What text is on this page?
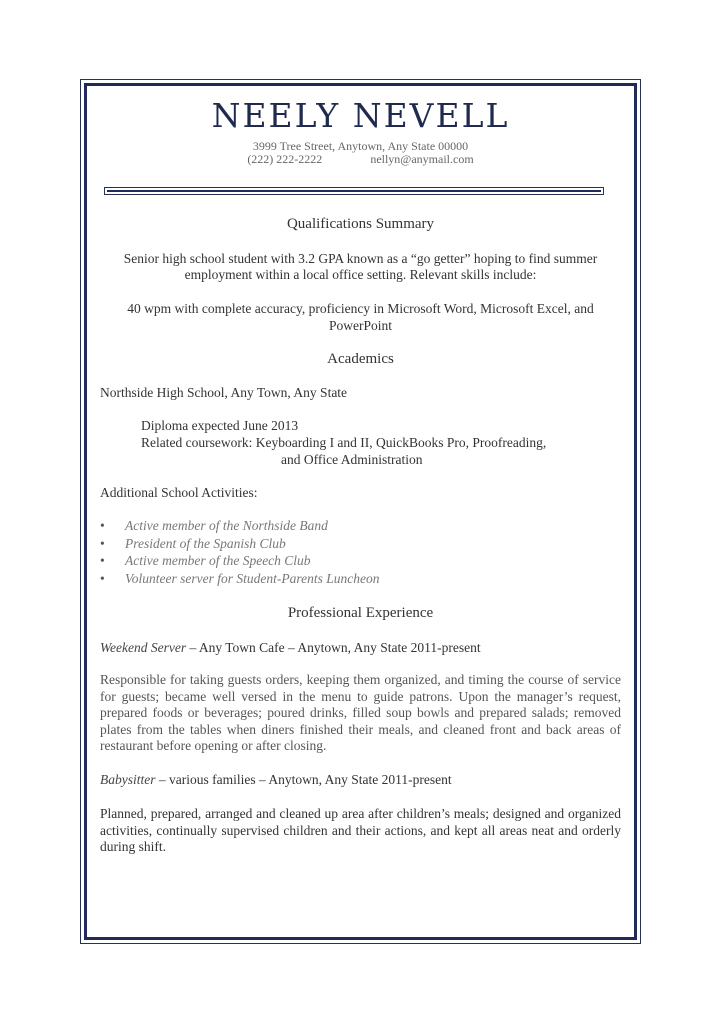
NEELY NEVELL
3999 Tree Street, Anytown, Any State 00000
(222) 222-2222	nellyn@anymail.com
Qualifications Summary
Senior high school student with 3.2 GPA known as a “go getter” hoping to find summer
employment within a local office setting. Relevant skills include:
40 wpm with complete accuracy, proficiency in Microsoft Word, Microsoft Excel, and
PowerPoint
Academics
Northside High School, Any Town, Any State
Diploma expected June 2013
Related coursework: Keyboarding I and II, QuickBooks Pro, Proofreading,
and Office Administration
Additional School Activities:
• Active member of the Northside Band
• President of the Spanish Club
• Active member of the Speech Club
• Volunteer server for Student-Parents Luncheon
Professional Experience
Weekend Server – Any Town Cafe – Anytown, Any State 2011-present
Responsible for taking guests orders, keeping them organized, and timing the course of service for guests; became well versed in the menu to guide patrons. Upon the manager’s request, prepared foods or beverages; poured drinks, filled soup bowls and prepared salads; removed plates from the tables when diners finished their meals, and cleaned front and back areas of restaurant before opening or after closing.
Babysitter – various families – Anytown, Any State 2011-present
Planned, prepared, arranged and cleaned up area after children’s meals; designed and organized activities, continually supervised children and their actions, and kept all areas neat and orderly during shift.
